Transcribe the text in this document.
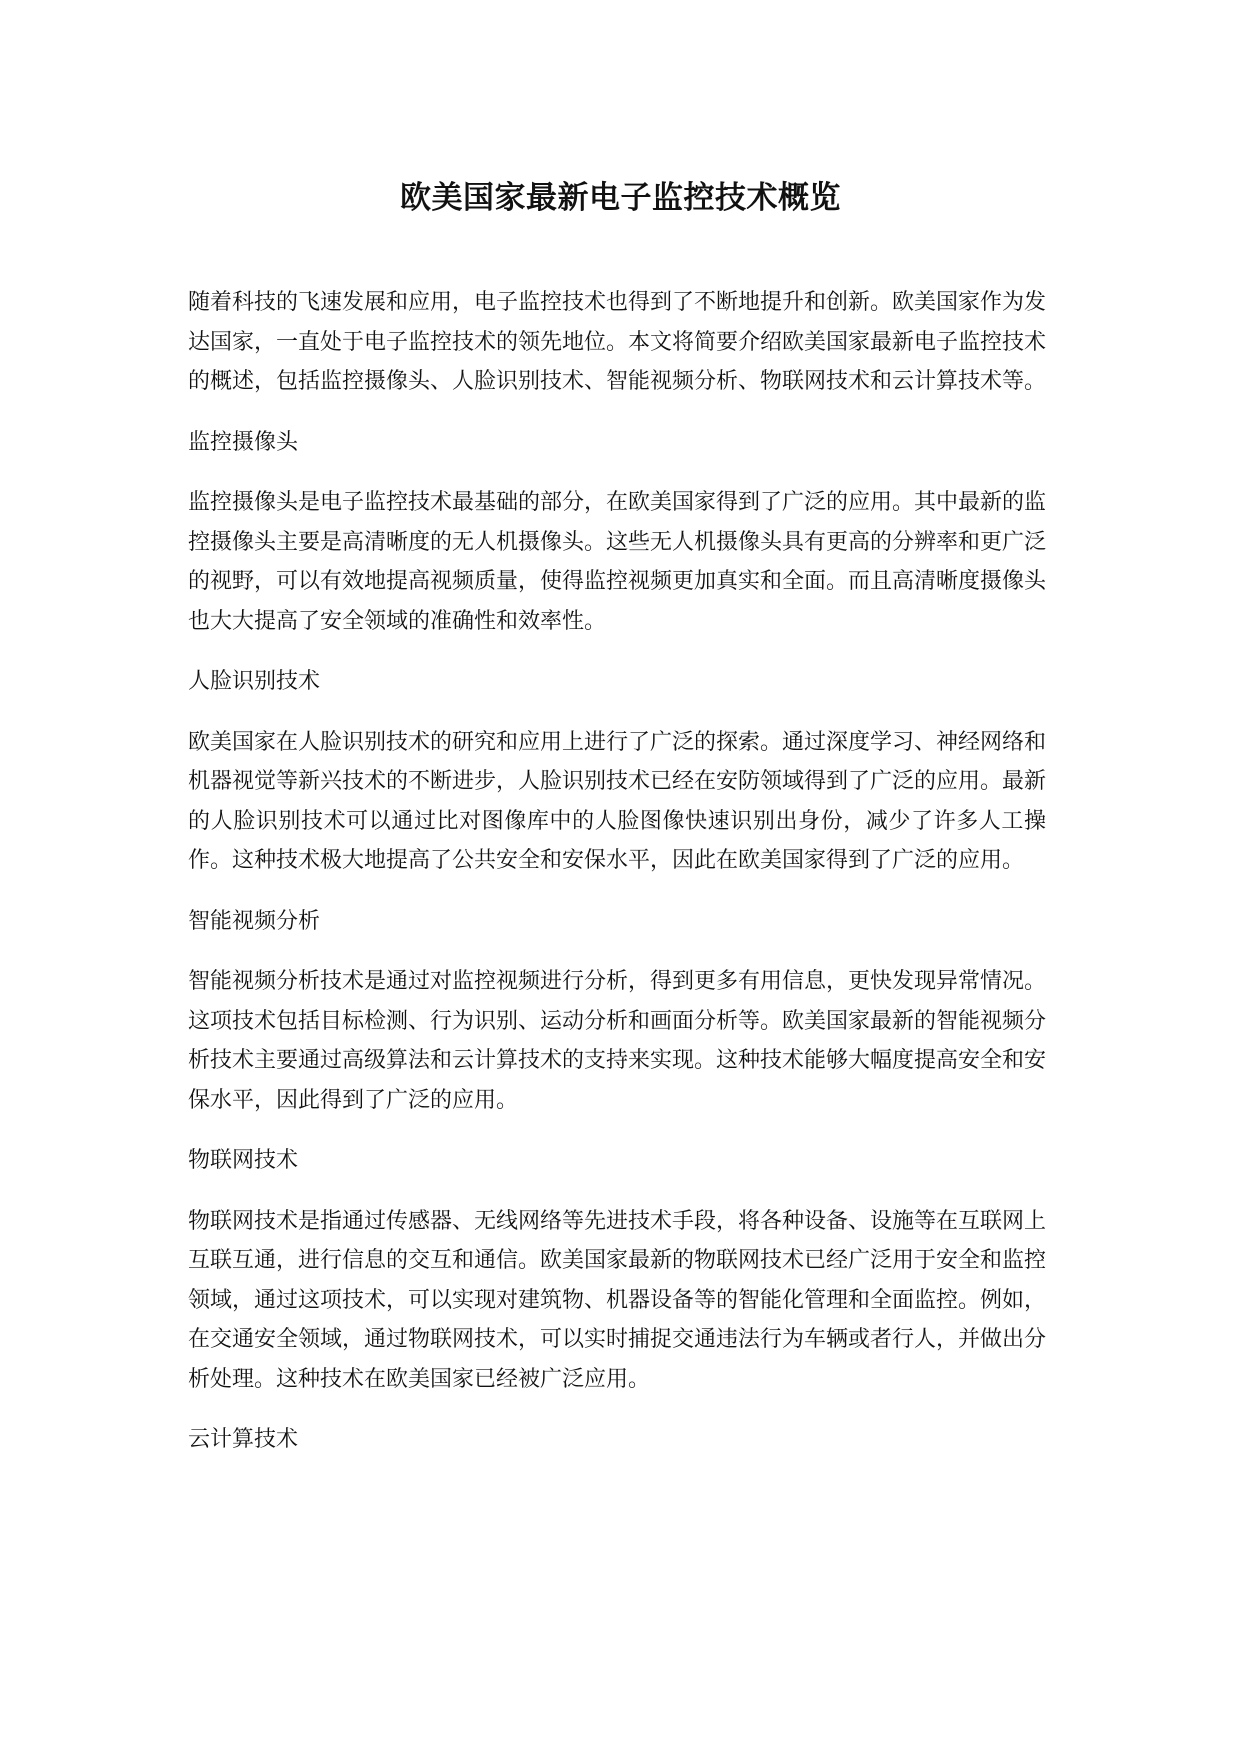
欧美国家最新电子监控技术概览

随着科技的飞速发展和应用，电子监控技术也得到了不断地提升和创新。欧美国家作为发达国家，一直处于电子监控技术的领先地位。本文将简要介绍欧美国家最新电子监控技术的概述，包括监控摄像头、人脸识别技术、智能视频分析、物联网技术和云计算技术等。

监控摄像头

监控摄像头是电子监控技术最基础的部分，在欧美国家得到了广泛的应用。其中最新的监控摄像头主要是高清晰度的无人机摄像头。这些无人机摄像头具有更高的分辨率和更广泛的视野，可以有效地提高视频质量，使得监控视频更加真实和全面。而且高清晰度摄像头也大大提高了安全领域的准确性和效率性。

人脸识别技术

欧美国家在人脸识别技术的研究和应用上进行了广泛的探索。通过深度学习、神经网络和机器视觉等新兴技术的不断进步，人脸识别技术已经在安防领域得到了广泛的应用。最新的人脸识别技术可以通过比对图像库中的人脸图像快速识别出身份，减少了许多人工操作。这种技术极大地提高了公共安全和安保水平，因此在欧美国家得到了广泛的应用。

智能视频分析

智能视频分析技术是通过对监控视频进行分析，得到更多有用信息，更快发现异常情况。这项技术包括目标检测、行为识别、运动分析和画面分析等。欧美国家最新的智能视频分析技术主要通过高级算法和云计算技术的支持来实现。这种技术能够大幅度提高安全和安保水平，因此得到了广泛的应用。

物联网技术

物联网技术是指通过传感器、无线网络等先进技术手段，将各种设备、设施等在互联网上互联互通，进行信息的交互和通信。欧美国家最新的物联网技术已经广泛用于安全和监控领域，通过这项技术，可以实现对建筑物、机器设备等的智能化管理和全面监控。例如，在交通安全领域，通过物联网技术，可以实时捕捉交通违法行为车辆或者行人，并做出分析处理。这种技术在欧美国家已经被广泛应用。

云计算技术
